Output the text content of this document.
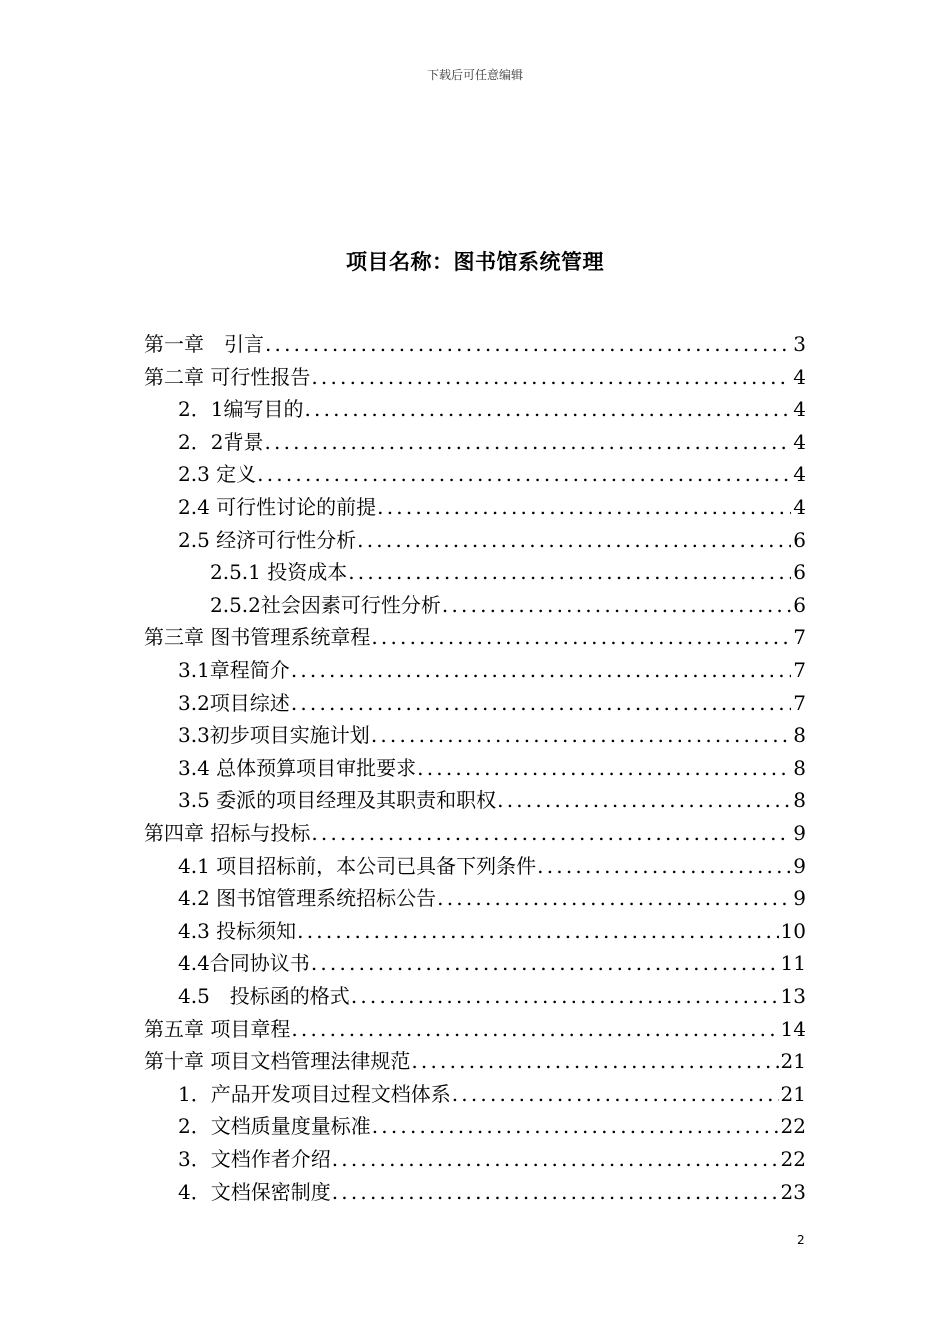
下载后可任意编辑
项目名称：图书馆系统管理
第一章　引言 .....	3
第二章 可行性报告 .....	4
2．1编写目的 .....	4
2．2背景 .....	4
2.3 定义 .....	4
2.4 可行性讨论的前提 .....	4
2.5 经济可行性分析 .....	6
2.5.1 投资成本 .....	6
2.5.2社会因素可行性分析 .....	6
第三章 图书管理系统章程 .....	7
3.1章程简介 .....	7
3.2项目综述 .....	7
3.3初步项目实施计划 .....	8
3.4 总体预算项目审批要求 .....	8
3.5 委派的项目经理及其职责和职权 .....	8
第四章 招标与投标 .....	9
4.1 项目招标前，本公司已具备下列条件 .....	9
4.2 图书馆管理系统招标公告 .....	9
4.3 投标须知 .....	10
4.4合同协议书 .....	11
4.5　投标函的格式 .....	13
第五章 项目章程 .....	14
第十章 项目文档管理法律规范 .....	21
1．产品开发项目过程文档体系 .....	21
2．文档质量度量标准 .....	22
3．文档作者介绍 .....	22
4．文档保密制度 .....	23
2
